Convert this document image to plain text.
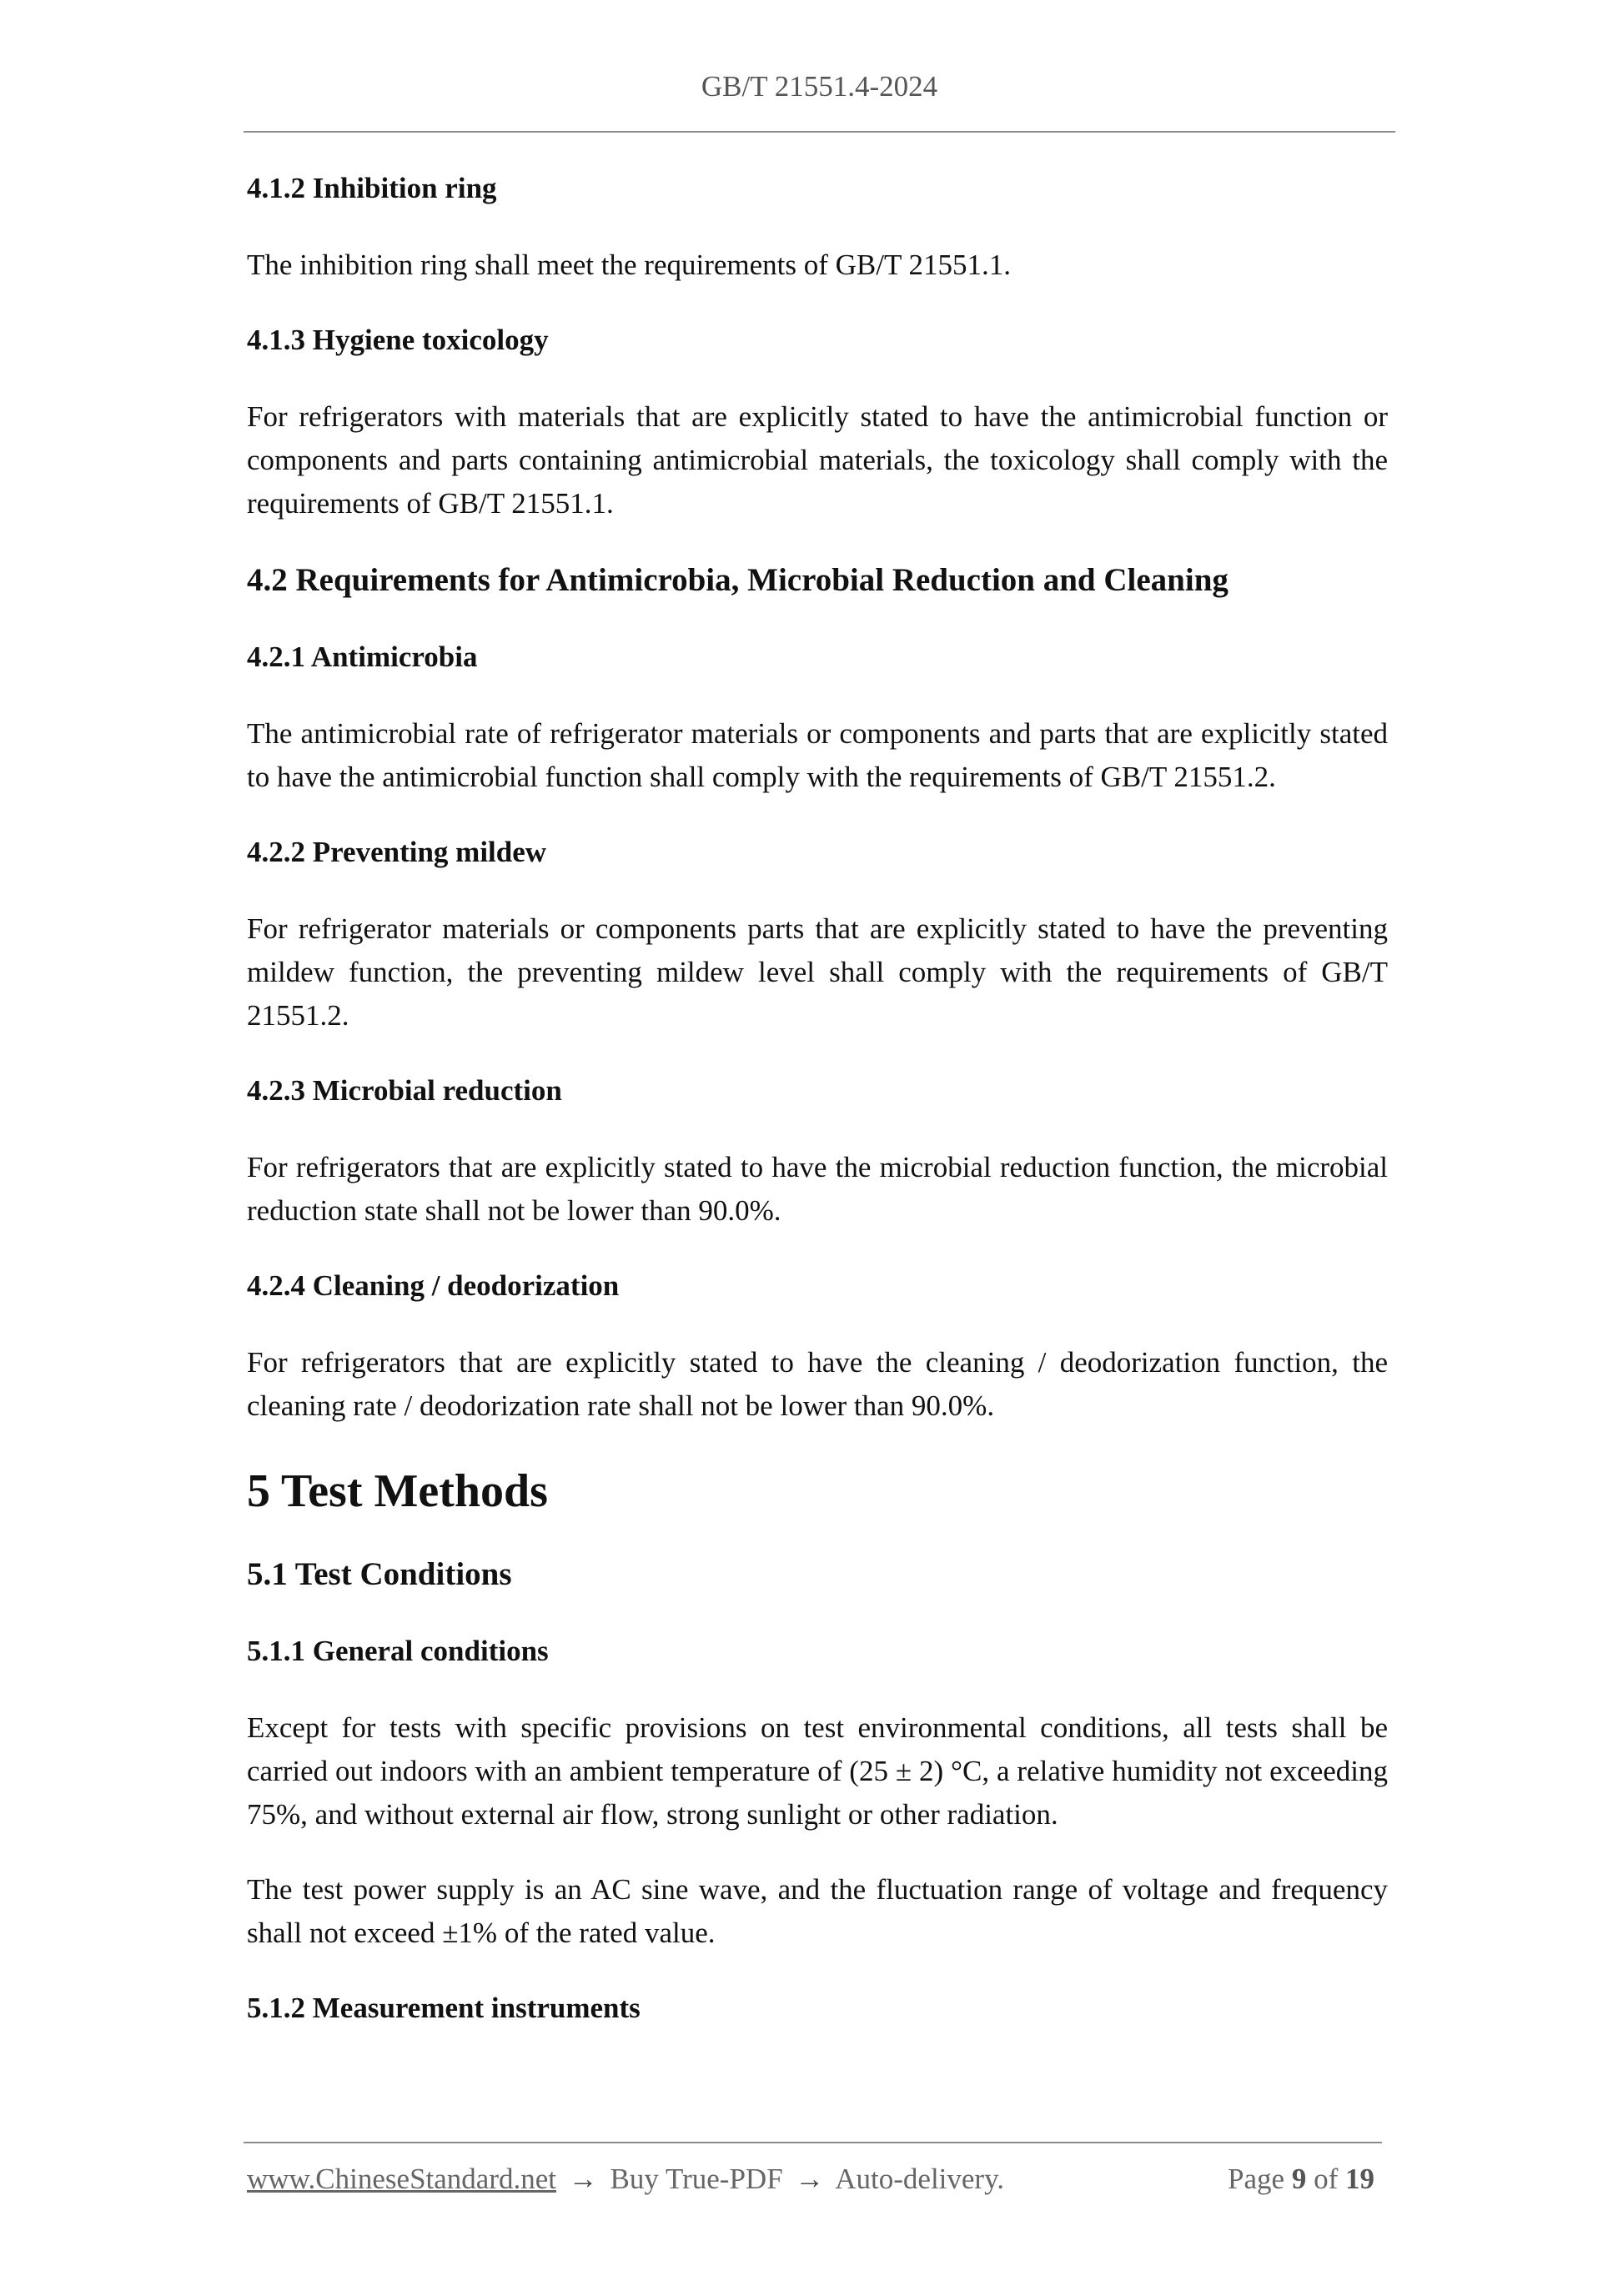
GB/T 21551.4-2024
4.1.2 Inhibition ring
The inhibition ring shall meet the requirements of GB/T 21551.1.
4.1.3 Hygiene toxicology
For refrigerators with materials that are explicitly stated to have the antimicrobial function or components and parts containing antimicrobial materials, the toxicology shall comply with the requirements of GB/T 21551.1.
4.2 Requirements for Antimicrobia, Microbial Reduction and Cleaning
4.2.1 Antimicrobia
The antimicrobial rate of refrigerator materials or components and parts that are explicitly stated to have the antimicrobial function shall comply with the requirements of GB/T 21551.2.
4.2.2 Preventing mildew
For refrigerator materials or components parts that are explicitly stated to have the preventing mildew function, the preventing mildew level shall comply with the requirements of GB/T 21551.2.
4.2.3 Microbial reduction
For refrigerators that are explicitly stated to have the microbial reduction function, the microbial reduction state shall not be lower than 90.0%.
4.2.4 Cleaning / deodorization
For refrigerators that are explicitly stated to have the cleaning / deodorization function, the cleaning rate / deodorization rate shall not be lower than 90.0%.
5 Test Methods
5.1 Test Conditions
5.1.1 General conditions
Except for tests with specific provisions on test environmental conditions, all tests shall be carried out indoors with an ambient temperature of (25 ± 2) °C, a relative humidity not exceeding 75%, and without external air flow, strong sunlight or other radiation.
The test power supply is an AC sine wave, and the fluctuation range of voltage and frequency shall not exceed ±1% of the rated value.
5.1.2 Measurement instruments
www.ChineseStandard.net → Buy True-PDF → Auto-delivery.	Page 9 of 19
